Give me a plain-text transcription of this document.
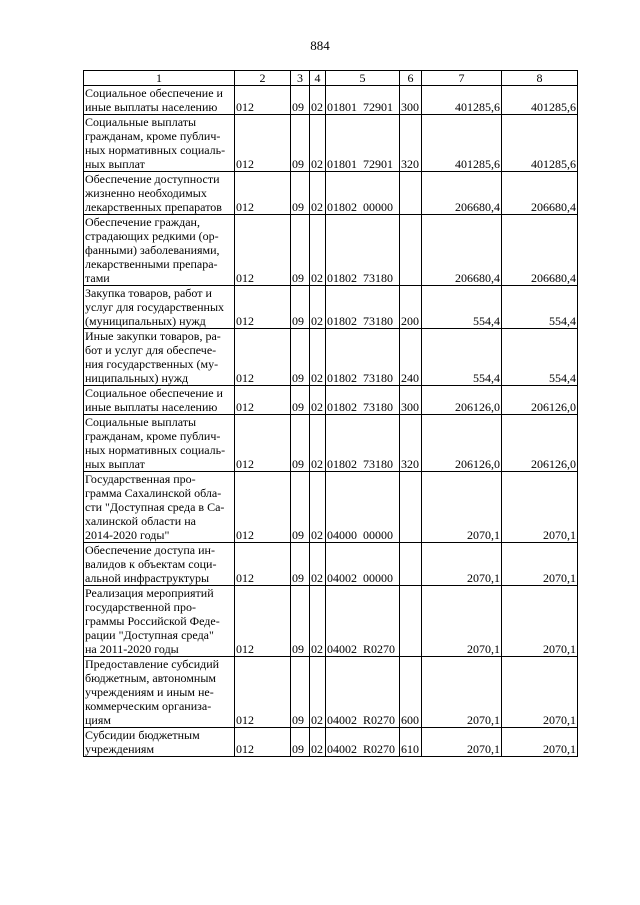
884
1	2	3	4	5	6	7	8
Социальное обеспечение и
иные выплаты населению	012	09	02	01801  72901	300	401285,6	401285,6
Социальные выплаты
гражданам, кроме публич-
ных нормативных социаль-
ных выплат	012	09	02	01801  72901	320	401285,6	401285,6
Обеспечение доступности
жизненно необходимых
лекарственных препаратов	012	09	02	01802  00000		206680,4	206680,4
Обеспечение граждан,
страдающих редкими (ор-
фанными) заболеваниями,
лекарственными препара-
тами	012	09	02	01802  73180		206680,4	206680,4
Закупка товаров, работ и
услуг для государственных
(муниципальных) нужд	012	09	02	01802  73180	200	554,4	554,4
Иные закупки товаров, ра-
бот и услуг для обеспече-
ния государственных (му-
ниципальных) нужд	012	09	02	01802  73180	240	554,4	554,4
Социальное обеспечение и
иные выплаты населению	012	09	02	01802  73180	300	206126,0	206126,0
Социальные выплаты
гражданам, кроме публич-
ных нормативных социаль-
ных выплат	012	09	02	01802  73180	320	206126,0	206126,0
Государственная про-
грамма Сахалинской обла-
сти "Доступная среда в Са-
халинской области на
2014-2020 годы"	012	09	02	04000  00000		2070,1	2070,1
Обеспечение доступа ин-
валидов к объектам соци-
альной инфраструктуры	012	09	02	04002  00000		2070,1	2070,1
Реализация мероприятий
государственной про-
граммы Российской Феде-
рации "Доступная среда"
на 2011-2020 годы	012	09	02	04002  R0270		2070,1	2070,1
Предоставление субсидий
бюджетным, автономным
учреждениям и иным не-
коммерческим организа-
циям	012	09	02	04002  R0270	600	2070,1	2070,1
Субсидии бюджетным
учреждениям	012	09	02	04002  R0270	610	2070,1	2070,1
